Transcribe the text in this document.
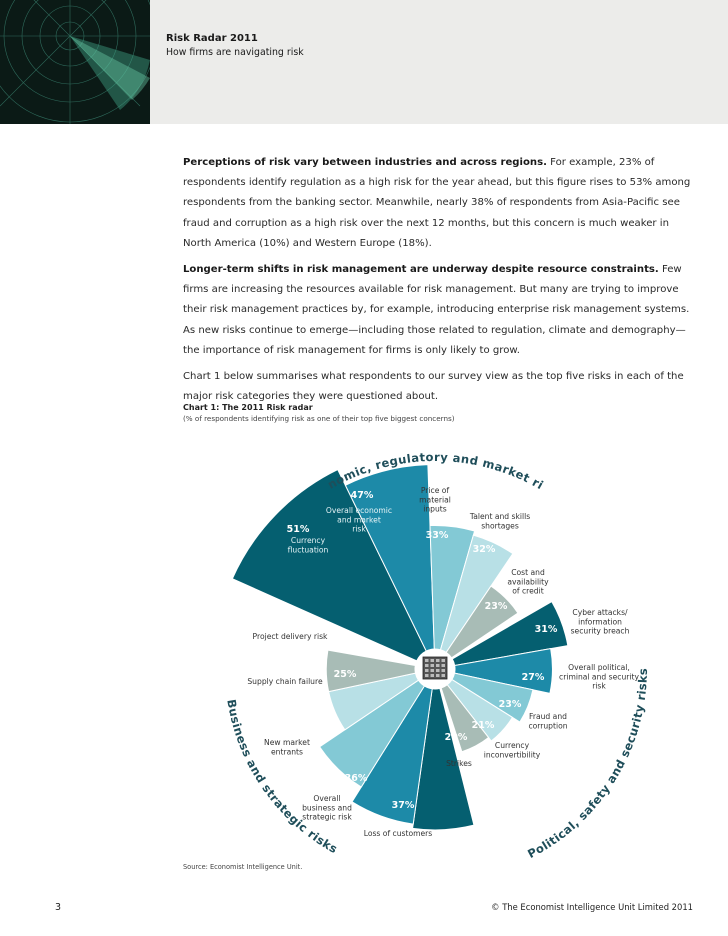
Risk Radar 2011
How firms are navigating risk

Perceptions of risk vary between industries and across regions. For example, 23% of respondents identify regulation as a high risk for the year ahead, but this figure rises to 53% among respondents from the banking sector. Meanwhile, nearly 38% of respondents from Asia-Pacific see fraud and corruption as a high risk over the next 12 months, but this concern is much weaker in North America (10%) and Western Europe (18%).

Longer-term shifts in risk management are underway despite resource constraints. Few firms are increasing the resources available for risk management. But many are trying to improve their risk management practices by, for example, introducing enterprise risk management systems. As new risks continue to emerge—including those related to regulation, climate and demography—the importance of risk management for firms is only likely to grow.

Chart 1 below summarises what respondents to our survey view as the top five risks in each of the major risk categories they were questioned about.

Chart 1: The 2011 Risk radar
(% of respondents identifying risk as one of their top five biggest concerns)
51%
Currency
fluctuation
47%
Overall economic
and market
risk
33%
Price of
material
inputs
32%
Talent and skills
shortages
23%
Cost and
availability
of credit
31%
Cyber attacks/
information
security breach
27%
Overall political,
criminal and security
risk
23%
Fraud and
corruption
21%
Currency
inconvertibility
20%
Strikes
37%
Loss of customers
36%
Overall
business and
strategic risk
32%
New market
entrants
25%
Supply chain failure
25%
Project delivery risk
nomic, regulatory and market ri
Political, safety and security risks
Business and strategic risks
Source: Economist Intelligence Unit.
3	© The Economist Intelligence Unit Limited 2011
